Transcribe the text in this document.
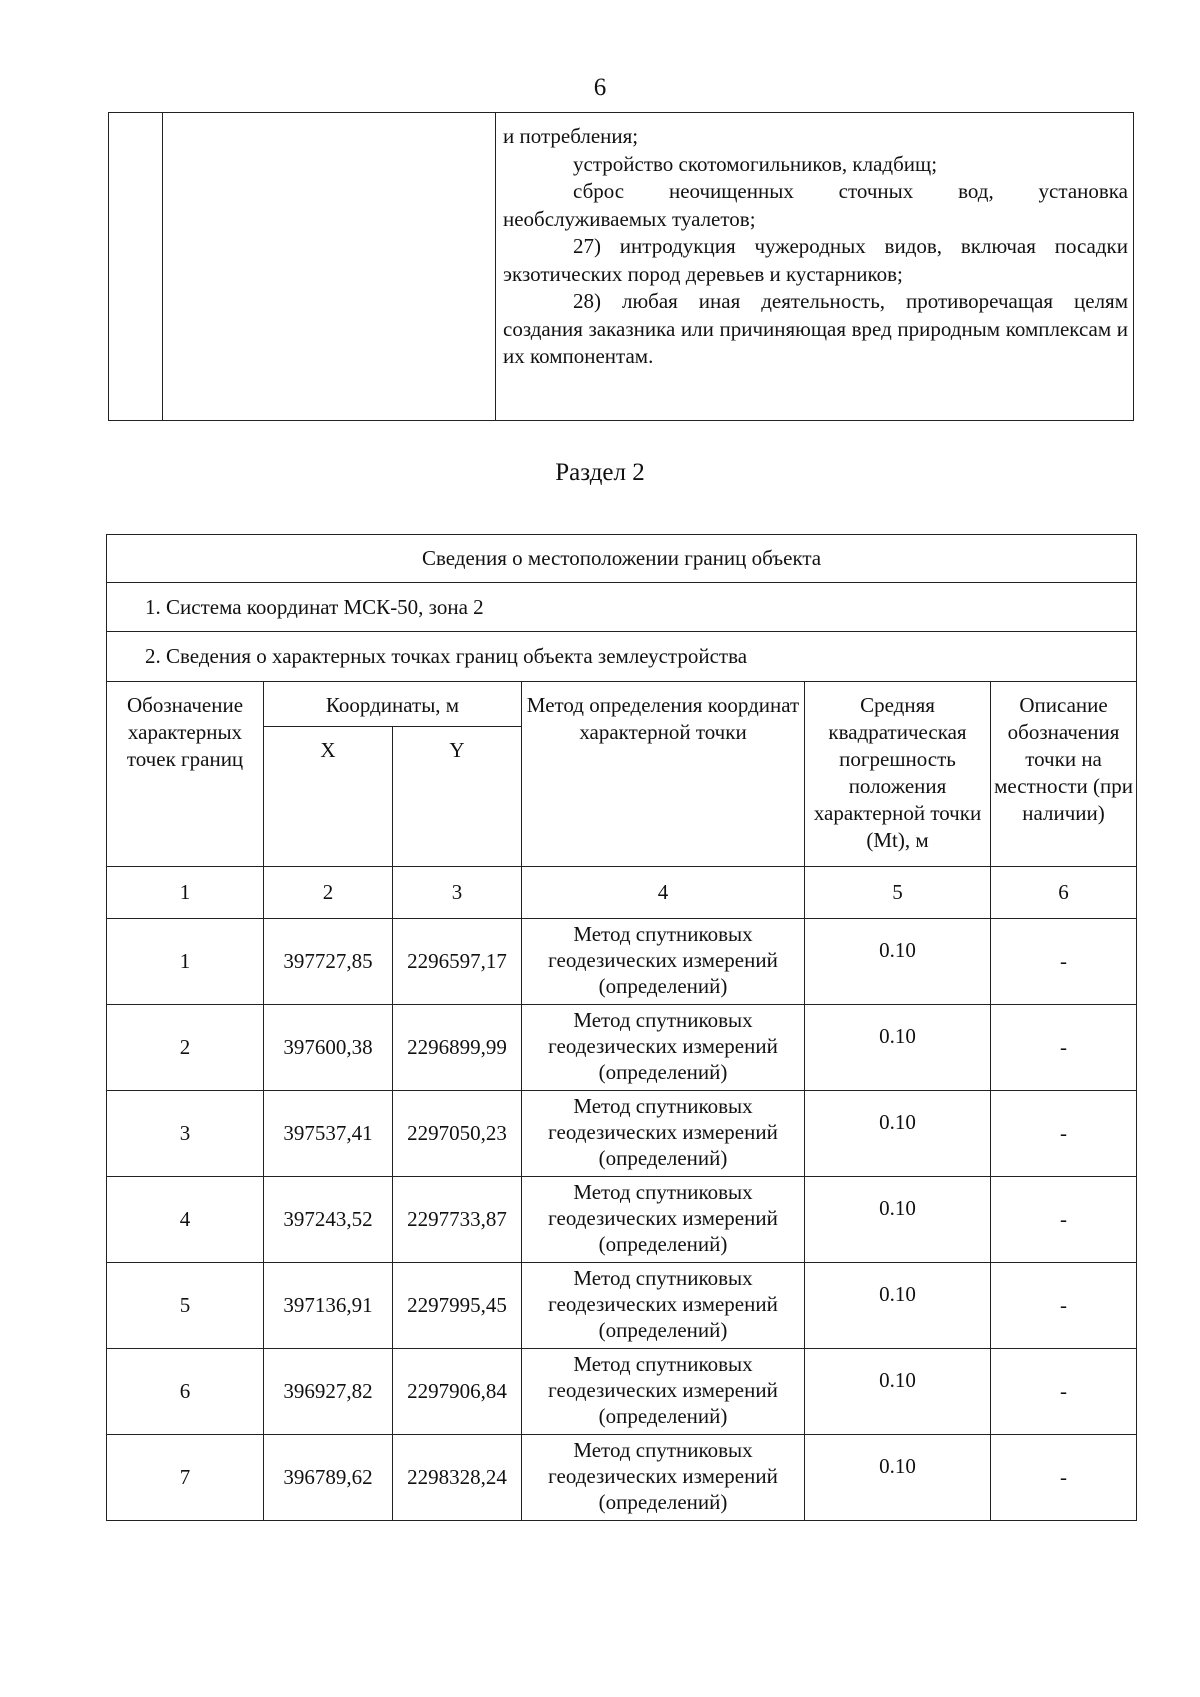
6

и потребления;

устройство скотомогильников, кладбищ;

сброс неочищенных сточных вод, установка необслуживаемых туалетов;

27) интродукция чужеродных видов, включая посадки экзотических пород деревьев и кустарников;

28) любая иная деятельность, противоречащая целям создания заказника или причиняющая вред природным комплексам и их компонентам.

Раздел 2
Сведения о местоположении границ объекта					
1. Система координат МСК-50, зона 2					
2. Сведения о характерных точках границ объекта землеустройства					
Обозначение характерных точек границ	Координаты, м		Метод определения координат характерной точки	Средняя квадратическая погрешность положения характерной точки (Mt), м	Описание обозначения точки на местности (при наличии)
	X	Y			
1	2	3	4	5	6
1	397727,85	2296597,17	Метод спутниковых геодезических измерений (определений)	0.10	-
2	397600,38	2296899,99	Метод спутниковых геодезических измерений (определений)	0.10	-
3	397537,41	2297050,23	Метод спутниковых геодезических измерений (определений)	0.10	-
4	397243,52	2297733,87	Метод спутниковых геодезических измерений (определений)	0.10	-
5	397136,91	2297995,45	Метод спутниковых геодезических измерений (определений)	0.10	-
6	396927,82	2297906,84	Метод спутниковых геодезических измерений (определений)	0.10	-
7	396789,62	2298328,24	Метод спутниковых геодезических измерений (определений)	0.10	-
